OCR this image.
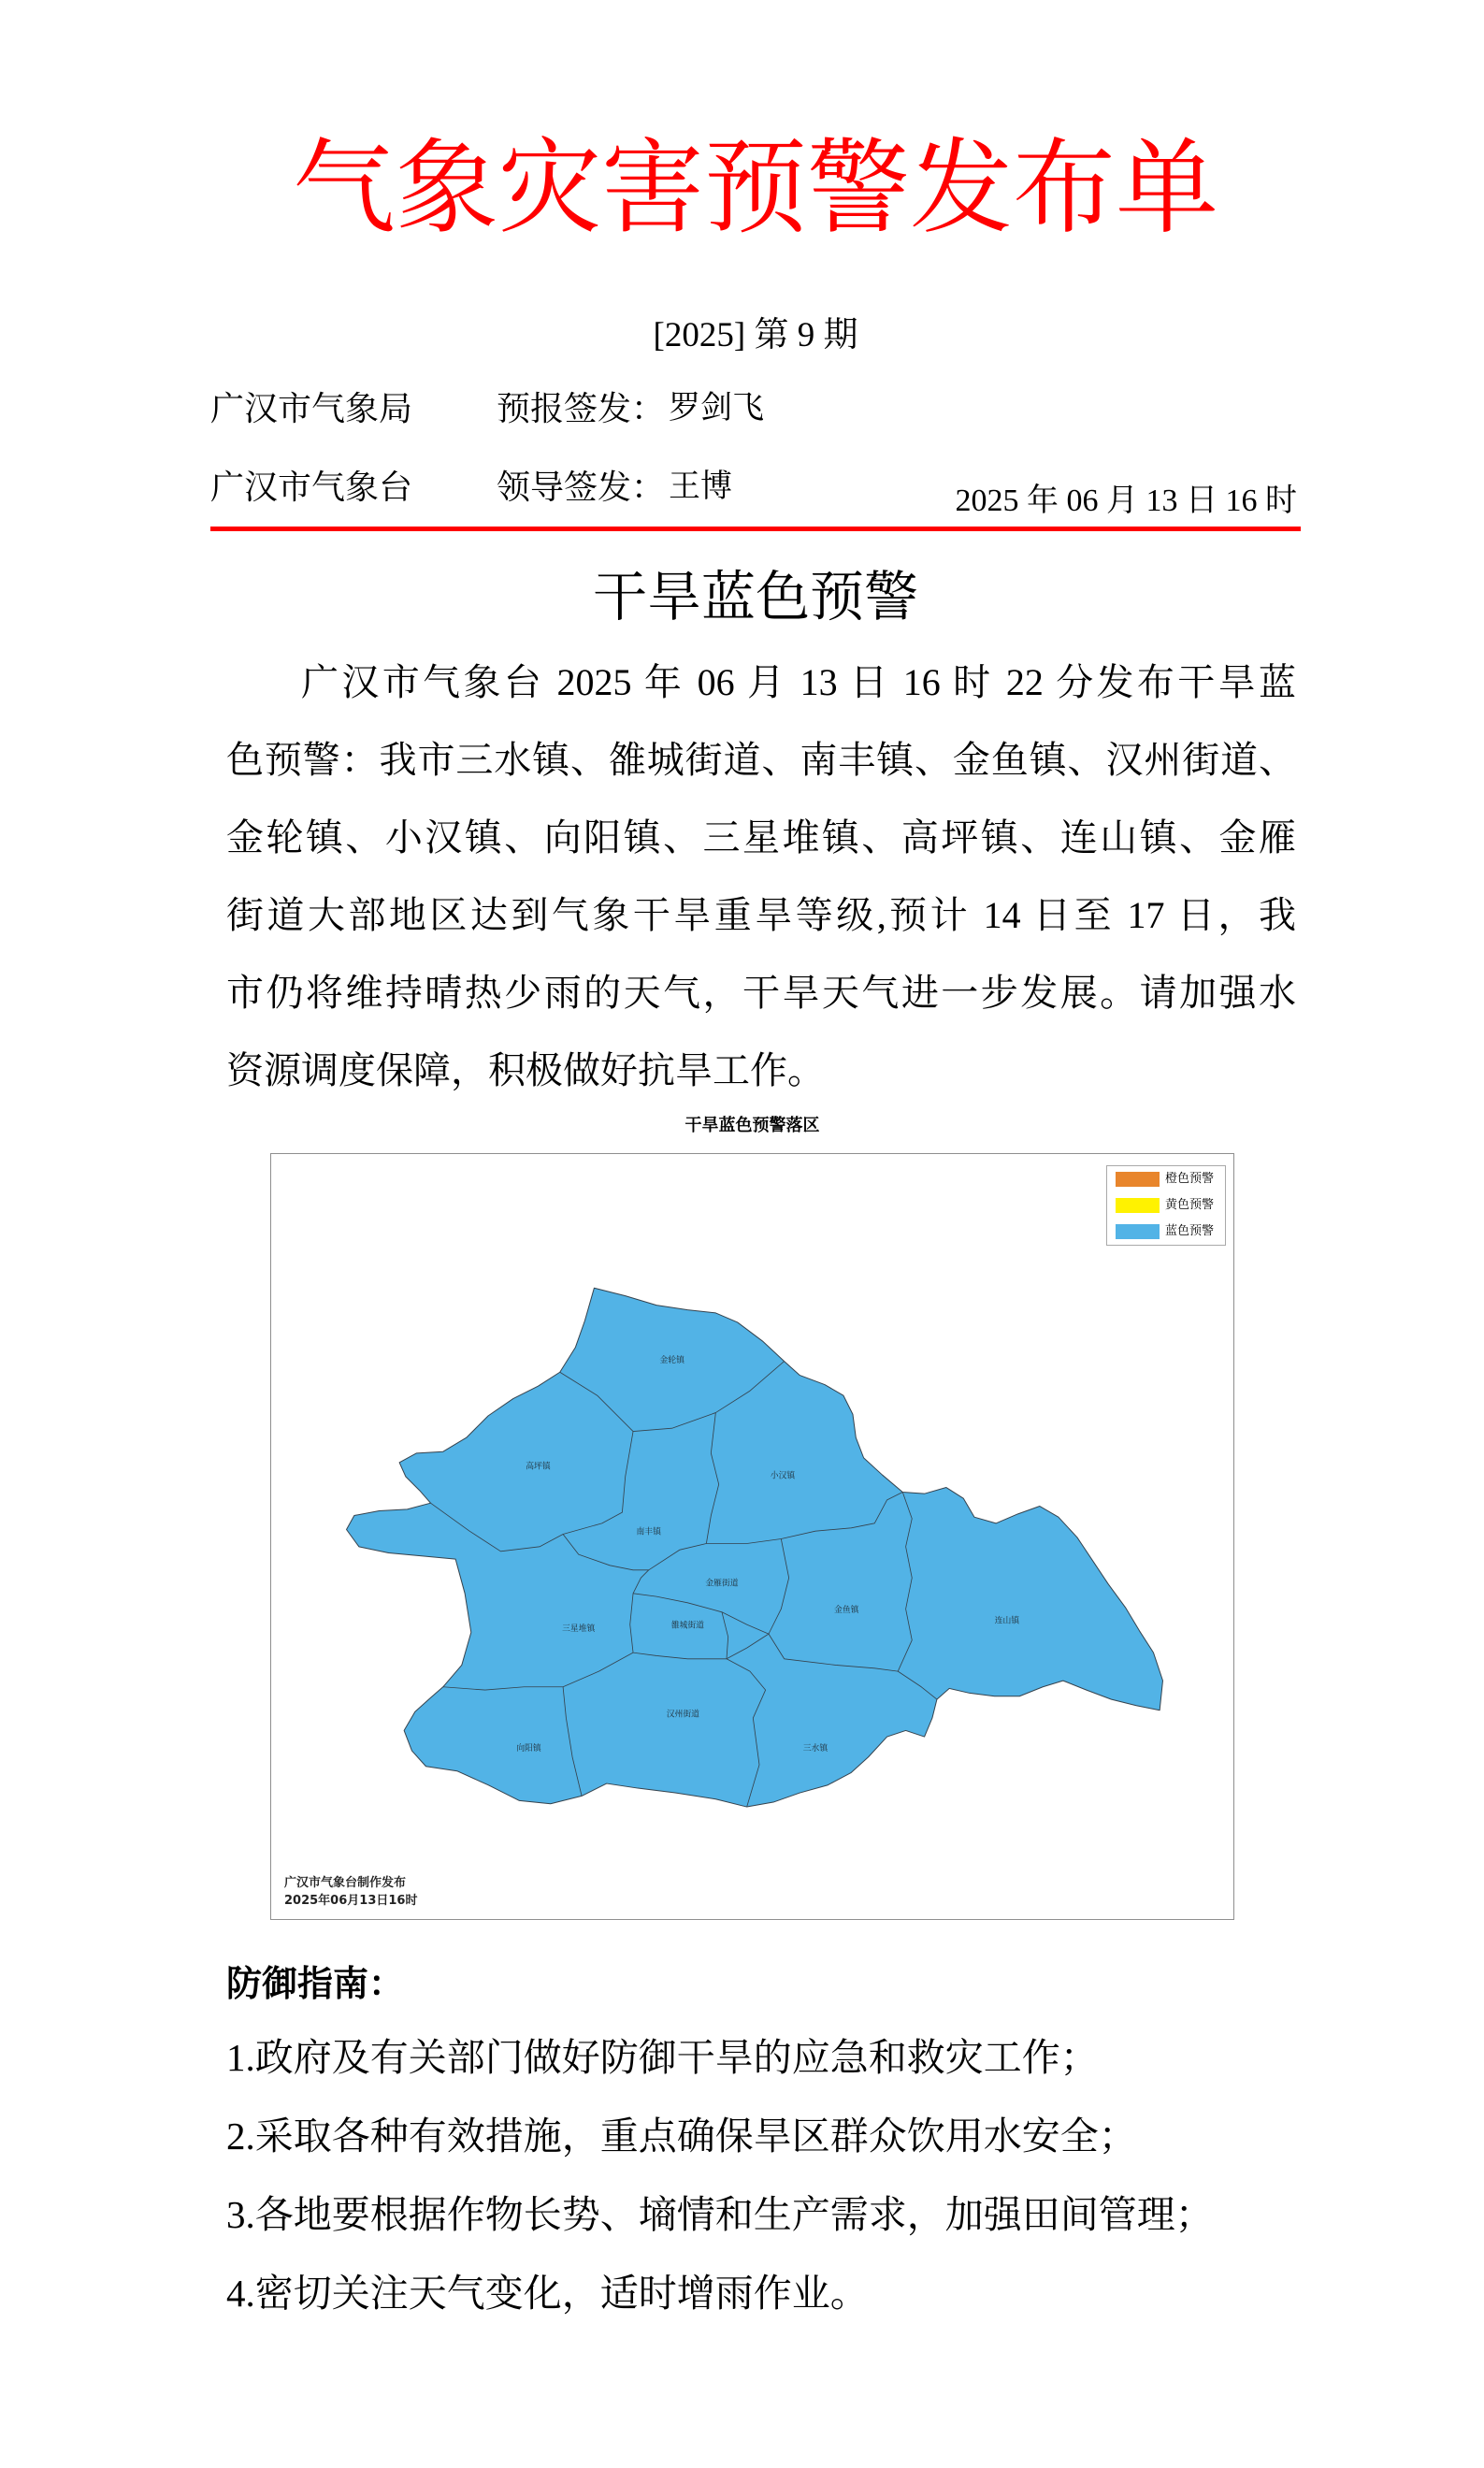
气象灾害预警发布单
[2025] 第 9 期
广汉市气象局 预报签发： 罗剑飞
广汉市气象台 领导签发： 王博	2025 年 06 月 13 日 16 时
干旱蓝色预警
广汉市气象台 2025 年 06 月 13 日 16 时 22 分发布干旱蓝
色预警：我市三水镇、雒城街道、南丰镇、金鱼镇、汉州街道、
金轮镇、小汉镇、向阳镇、三星堆镇、高坪镇、连山镇、金雁
街道大部地区达到气象干旱重旱等级,预计 14 日至 17 日，我
市仍将维持晴热少雨的天气，干旱天气进一步发展。请加强水
资源调度保障，积极做好抗旱工作。
干旱蓝色预警落区
金轮镇
高坪镇
小汉镇
南丰镇
金雁街道
三星堆镇	雒城街道
金鱼镇
连山镇
汉州街道
三水镇
向阳镇
橙色预警
黄色预警
蓝色预警
广汉市气象台制作发布
2025年06月13日16时
防御指南：
1.政府及有关部门做好防御干旱的应急和救灾工作；
2.采取各种有效措施，重点确保旱区群众饮用水安全；
3.各地要根据作物长势、墒情和生产需求，加强田间管理；
4.密切关注天气变化，适时增雨作业。
